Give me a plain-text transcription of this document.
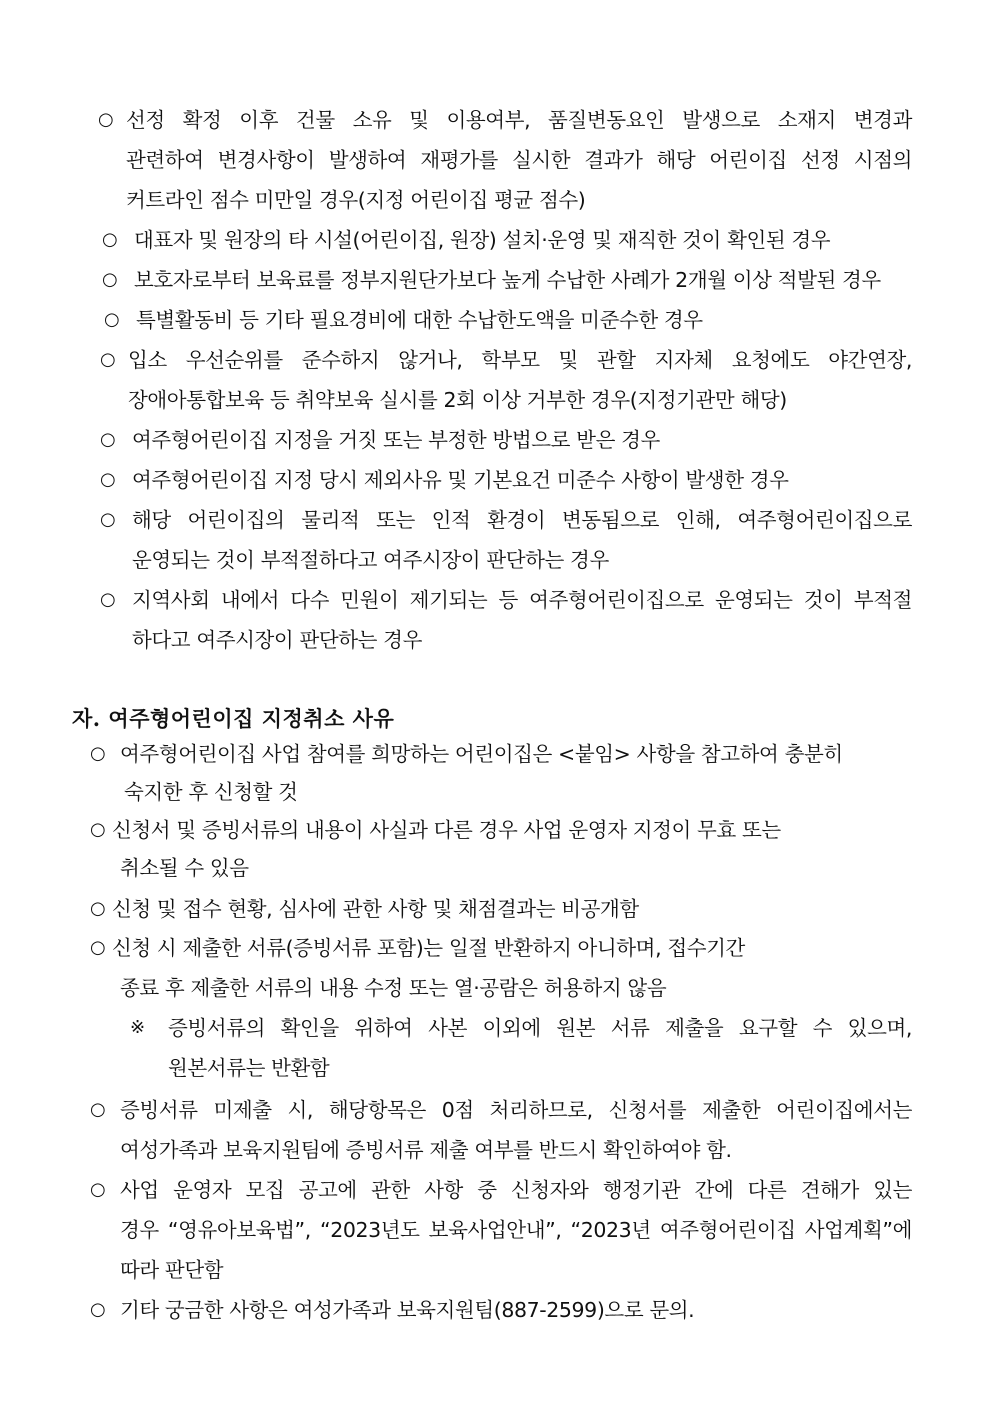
○ 선정 확정 이후 건물 소유 및 이용여부, 품질변동요인 발생으로 소재지 변경과
관련하여 변경사항이 발생하여 재평가를 실시한 결과가 해당 어린이집 선정 시점의
커트라인 점수 미만일 경우(지정 어린이집 평균 점수)
○ 대표자 및 원장의 타 시설(어린이집, 원장) 설치·운영 및 재직한 것이 확인된 경우
○ 보호자로부터 보육료를 정부지원단가보다 높게 수납한 사례가 2개월 이상 적발된 경우
○ 특별활동비 등 기타 필요경비에 대한 수납한도액을 미준수한 경우
○ 입소 우선순위를 준수하지 않거나, 학부모 및 관할 지자체 요청에도 야간연장,
장애아통합보육 등 취약보육 실시를 2회 이상 거부한 경우(지정기관만 해당)
○ 여주형어린이집 지정을 거짓 또는 부정한 방법으로 받은 경우
○ 여주형어린이집 지정 당시 제외사유 및 기본요건 미준수 사항이 발생한 경우
○ 해당 어린이집의 물리적 또는 인적 환경이 변동됨으로 인해, 여주형어린이집으로
운영되는 것이 부적절하다고 여주시장이 판단하는 경우
○ 지역사회 내에서 다수 민원이 제기되는 등 여주형어린이집으로 운영되는 것이 부적절
하다고 여주시장이 판단하는 경우
자. 여주형어린이집 지정취소 사유
○ 여주형어린이집 사업 참여를 희망하는 어린이집은 <붙임> 사항을 참고하여 충분히
숙지한 후 신청할 것
○ 신청서 및 증빙서류의 내용이 사실과 다른 경우 사업 운영자 지정이 무효 또는
취소될 수 있음
○ 신청 및 접수 현황, 심사에 관한 사항 및 채점결과는 비공개함
○ 신청 시 제출한 서류(증빙서류 포함)는 일절 반환하지 아니하며, 접수기간
종료 후 제출한 서류의 내용 수정 또는 열·공람은 허용하지 않음
※ 증빙서류의 확인을 위하여 사본 이외에 원본 서류 제출을 요구할 수 있으며,
원본서류는 반환함
○ 증빙서류 미제출 시, 해당항목은 0점 처리하므로, 신청서를 제출한 어린이집에서는
여성가족과 보육지원팀에 증빙서류 제출 여부를 반드시 확인하여야 함.
○ 사업 운영자 모집 공고에 관한 사항 중 신청자와 행정기관 간에 다른 견해가 있는
경우 “영유아보육법”, “2023년도 보육사업안내”, “2023년 여주형어린이집 사업계획”에
따라 판단함
○ 기타 궁금한 사항은 여성가족과 보육지원팀(887-2599)으로 문의.
